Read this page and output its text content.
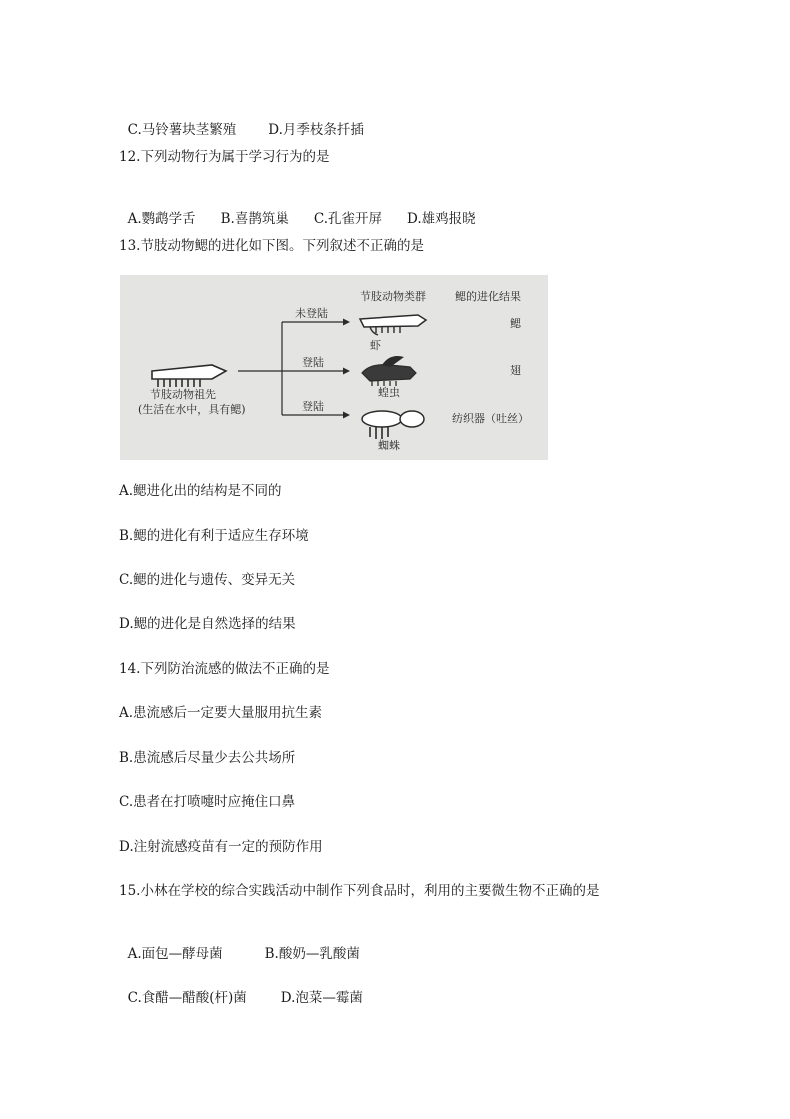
C.马铃薯块茎繁殖 D.月季枝条扦插

12.下列动物行为属于学习行为的是

A.鹦鹉学舌 B.喜鹊筑巢 C.孔雀开屏 D.雄鸡报晓

13.节肢动物鳃的进化如下图。下列叙述不正确的是
节肢动物类群	鳃的进化结果
节肢动物祖先
(生活在水中，具有鳃)
未登陆
登陆
登陆
虾
鳃
蝗虫
翅
蜘蛛
纺织器（吐丝）
A.鳃进化出的结构是不同的
B.鳃的进化有利于适应生存环境
C.鳃的进化与遗传、变异无关
D.鳃的进化是自然选择的结果
14.下列防治流感的做法不正确的是
A.患流感后一定要大量服用抗生素
B.患流感后尽量少去公共场所
C.患者在打喷嚏时应掩住口鼻
D.注射流感疫苗有一定的预防作用
15.小林在学校的综合实践活动中制作下列食品时，利用的主要微生物不正确的是

A.面包—酵母菌	B.酸奶—乳酸菌

C.食醋—醋酸(杆)菌	D.泡菜—霉菌
